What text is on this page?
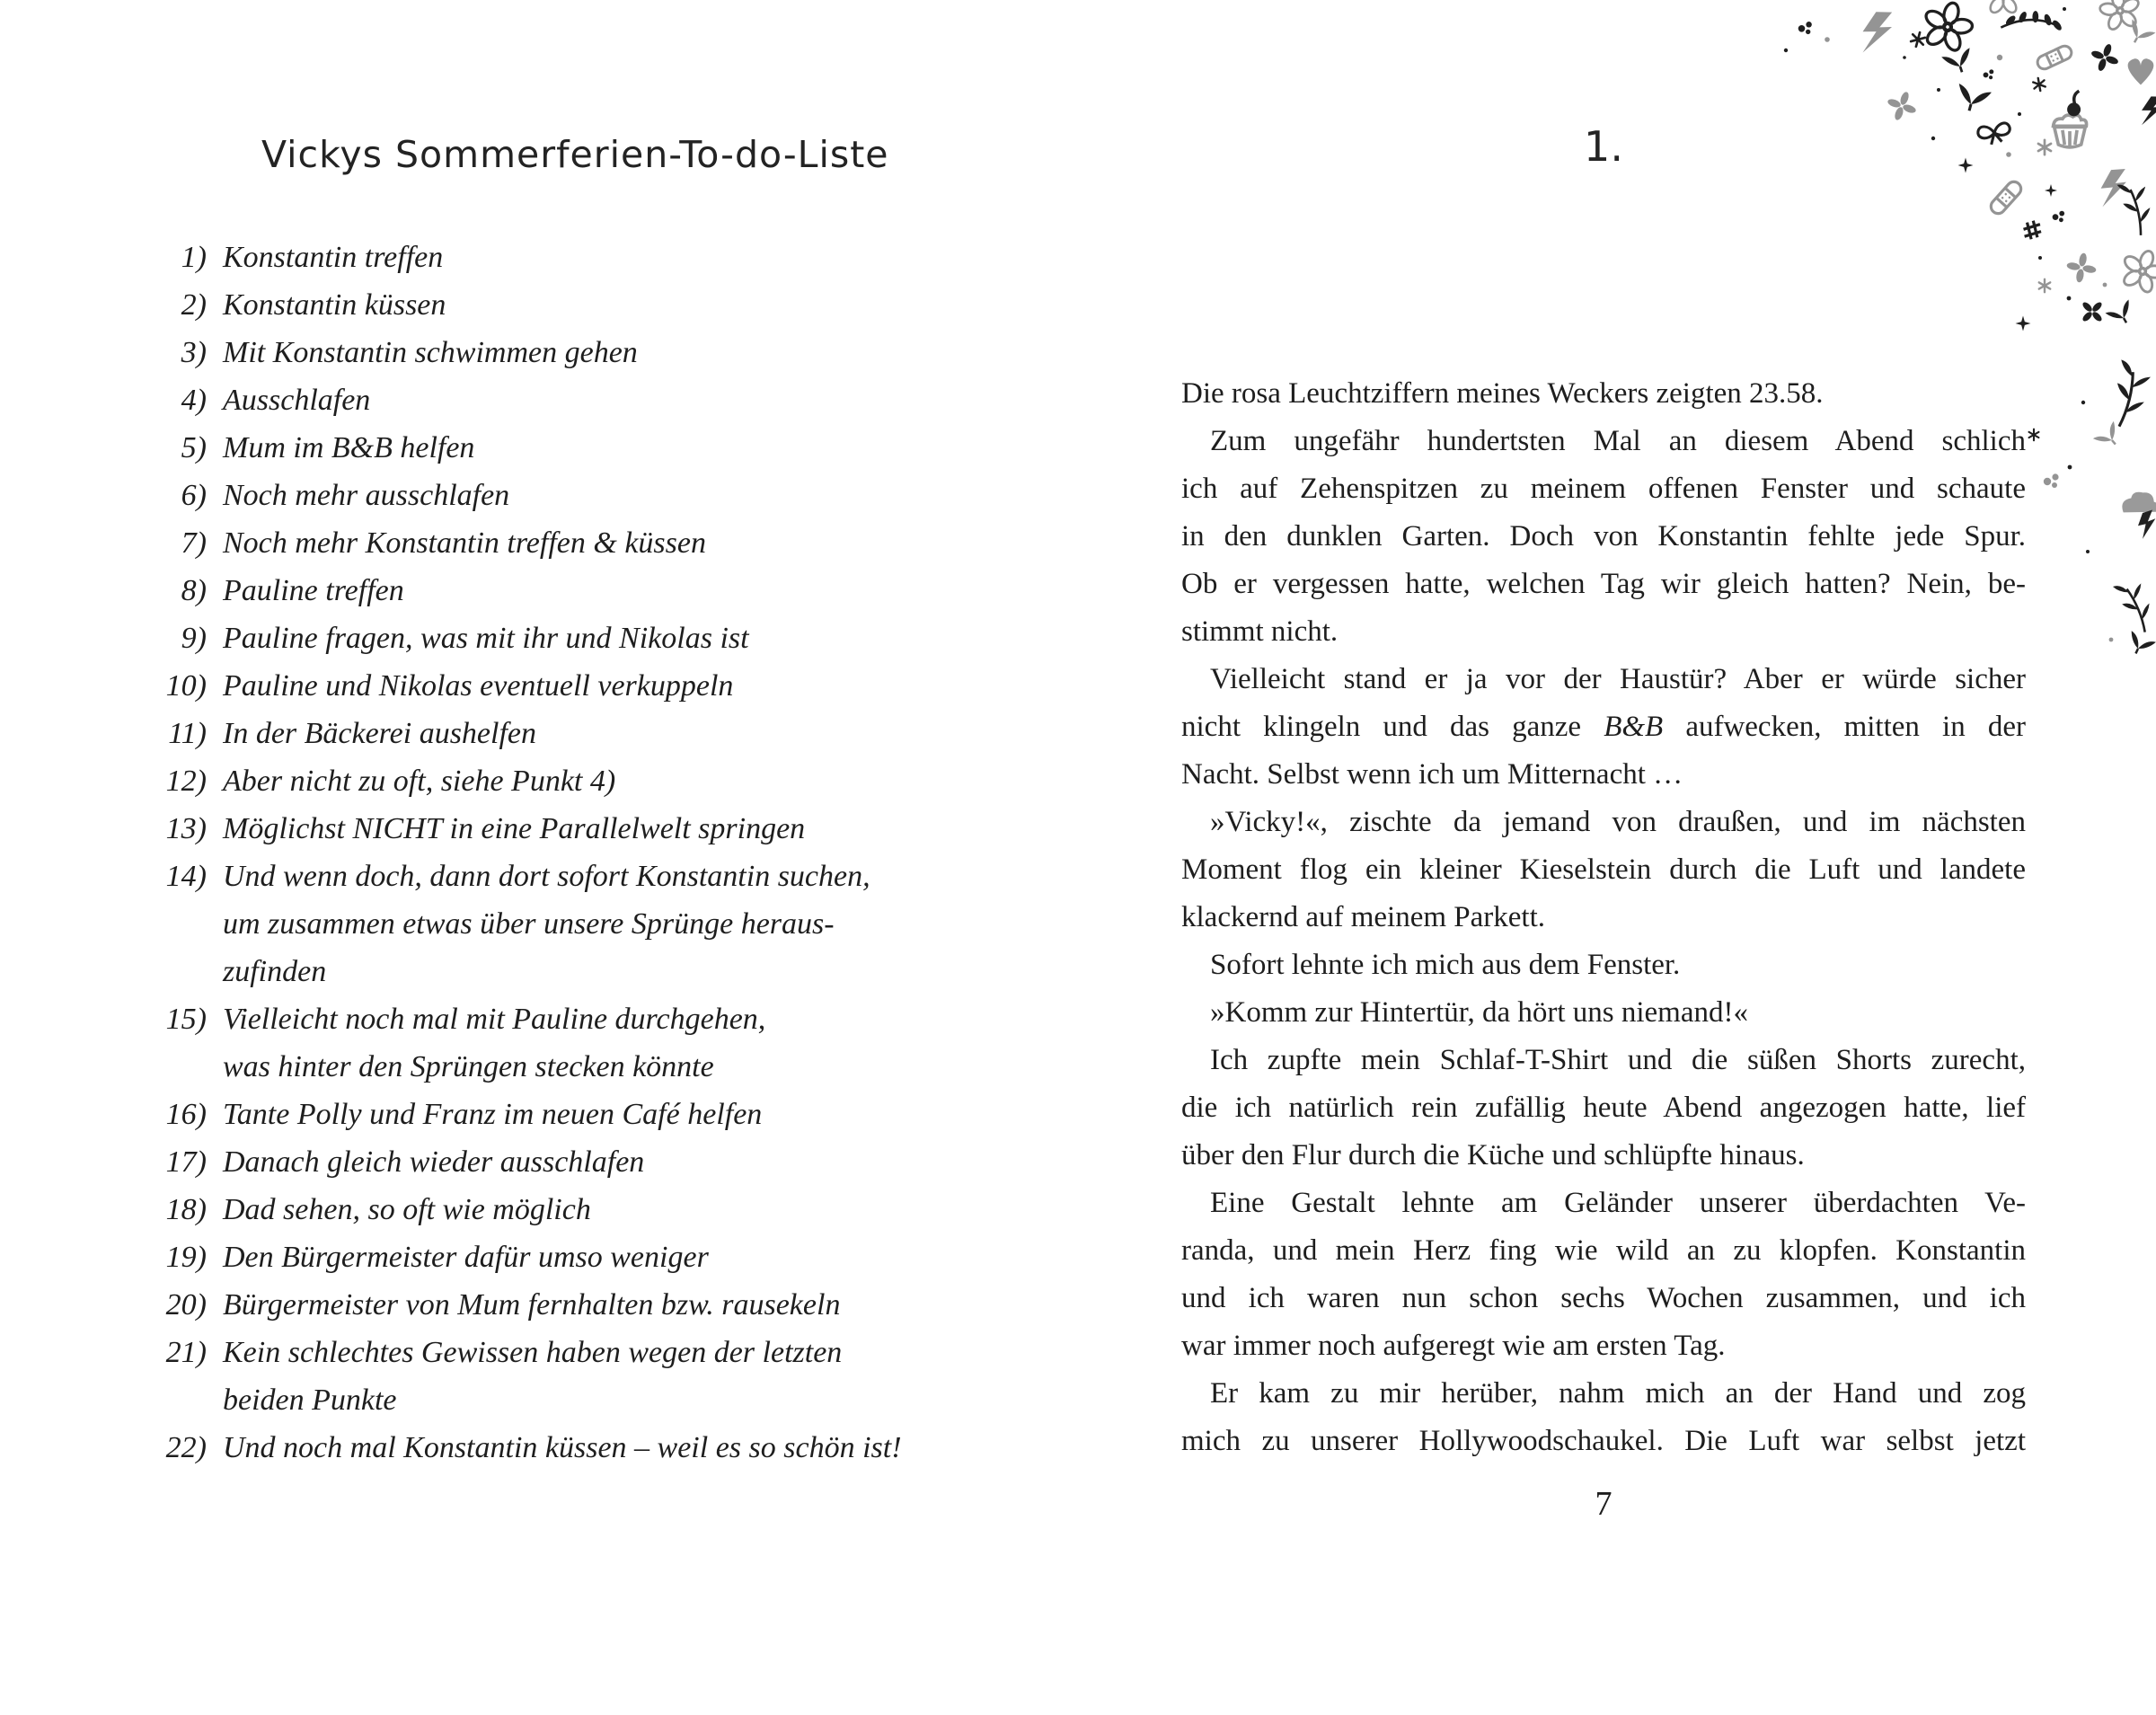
Vickys Sommerferien-To-do-Liste
1) Konstantin treffen
2) Konstantin küssen
3) Mit Konstantin schwimmen gehen
4) Ausschlafen
5) Mum im B&B helfen
6) Noch mehr ausschlafen
7) Noch mehr Konstantin treffen & küssen
8) Pauline treffen
9) Pauline fragen, was mit ihr und Nikolas ist
10) Pauline und Nikolas eventuell verkuppeln
11) In der Bäckerei aushelfen
12) Aber nicht zu oft, siehe Punkt 4)
13) Möglichst NICHT in eine Parallelwelt springen
14) Und wenn doch, dann dort sofort Konstantin suchen,
um zusammen etwas über unsere Sprünge heraus-
zufinden
15) Vielleicht noch mal mit Pauline durchgehen,
was hinter den Sprüngen stecken könnte
16) Tante Polly und Franz im neuen Café helfen
17) Danach gleich wieder ausschlafen
18) Dad sehen, so oft wie möglich
19) Den Bürgermeister dafür umso weniger
20) Bürgermeister von Mum fernhalten bzw. rausekeln
21) Kein schlechtes Gewissen haben wegen der letzten
beiden Punkte
22) Und noch mal Konstantin küssen – weil es so schön ist!
1.
Die rosa Leuchtziffern meines Weckers zeigten 23.58.
Zum ungefähr hundertsten Mal an diesem Abend schlich
ich auf Zehenspitzen zu meinem offenen Fenster und schaute
in den dunklen Garten. Doch von Konstantin fehlte jede Spur.
Ob er vergessen hatte, welchen Tag wir gleich hatten? Nein, be-
stimmt nicht.
Vielleicht stand er ja vor der Haustür? Aber er würde sicher
nicht klingeln und das ganze B&B aufwecken, mitten in der
Nacht. Selbst wenn ich um Mitternacht …
»Vicky!«, zischte da jemand von draußen, und im nächsten
Moment flog ein kleiner Kieselstein durch die Luft und landete
klackernd auf meinem Parkett.
Sofort lehnte ich mich aus dem Fenster.
»Komm zur Hintertür, da hört uns niemand!«
Ich zupfte mein Schlaf-T-Shirt und die süßen Shorts zurecht,
die ich natürlich rein zufällig heute Abend angezogen hatte, lief
über den Flur durch die Küche und schlüpfte hinaus.
Eine Gestalt lehnte am Geländer unserer überdachten Ve-
randa, und mein Herz fing wie wild an zu klopfen. Konstantin
und ich waren nun schon sechs Wochen zusammen, und ich
war immer noch aufgeregt wie am ersten Tag.
Er kam zu mir herüber, nahm mich an der Hand und zog
mich zu unserer Hollywoodschaukel. Die Luft war selbst jetzt
7
